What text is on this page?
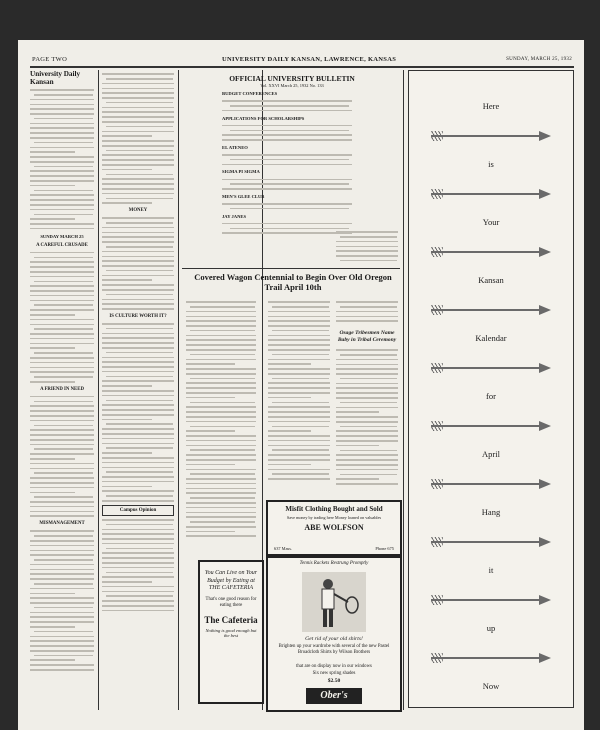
PAGE TWO	UNIVERSITY DAILY KANSAN, LAWRENCE, KANSAS	SUNDAY, MARCH 25, 1932
University Daily Kansan
SUNDAY MARCH 25
A CAREFUL CRUSADE
A FRIEND IN NEED
MISMANAGEMENT
MONEY
IS CULTURE WORTH IT?
Campus Opinion
You Can Live on Your Budget by Eating at THE CAFETERIA
That's one good reason for eating there
The Cafeteria
Nothing is good enough but the best
OFFICIAL UNIVERSITY BULLETIN
Vol. XXVI March 25, 1932 No. 133
BUDGET CONFERENCES
APPLICATIONS FOR SCHOLARSHIPS
EL ATENEO
SIGMA PI SIGMA
MEN'S GLEE CLUB
JAY JANES
Covered Wagon Centennial to Begin Over Old Oregon Trail April 10th
Osage Tribesmen Name Baby in Tribal Ceremony
Misfit Clothing Bought and Sold
Save money by trading here Money loaned on valuables
ABE WOLFSON
637 Mass.	Phone 675
Tennis Rackets Restrung Promptly
Get rid of your old shirts!
Brighten up your wardrobe with several of the new Pastel Broadcloth Shirts by Wilson Brothers
that are on display now in our windows
Six new spring shades
$2.50
Ober's
Here
is
Your
Kansan
Kalendar
for
April
Hang
it
up
Now
